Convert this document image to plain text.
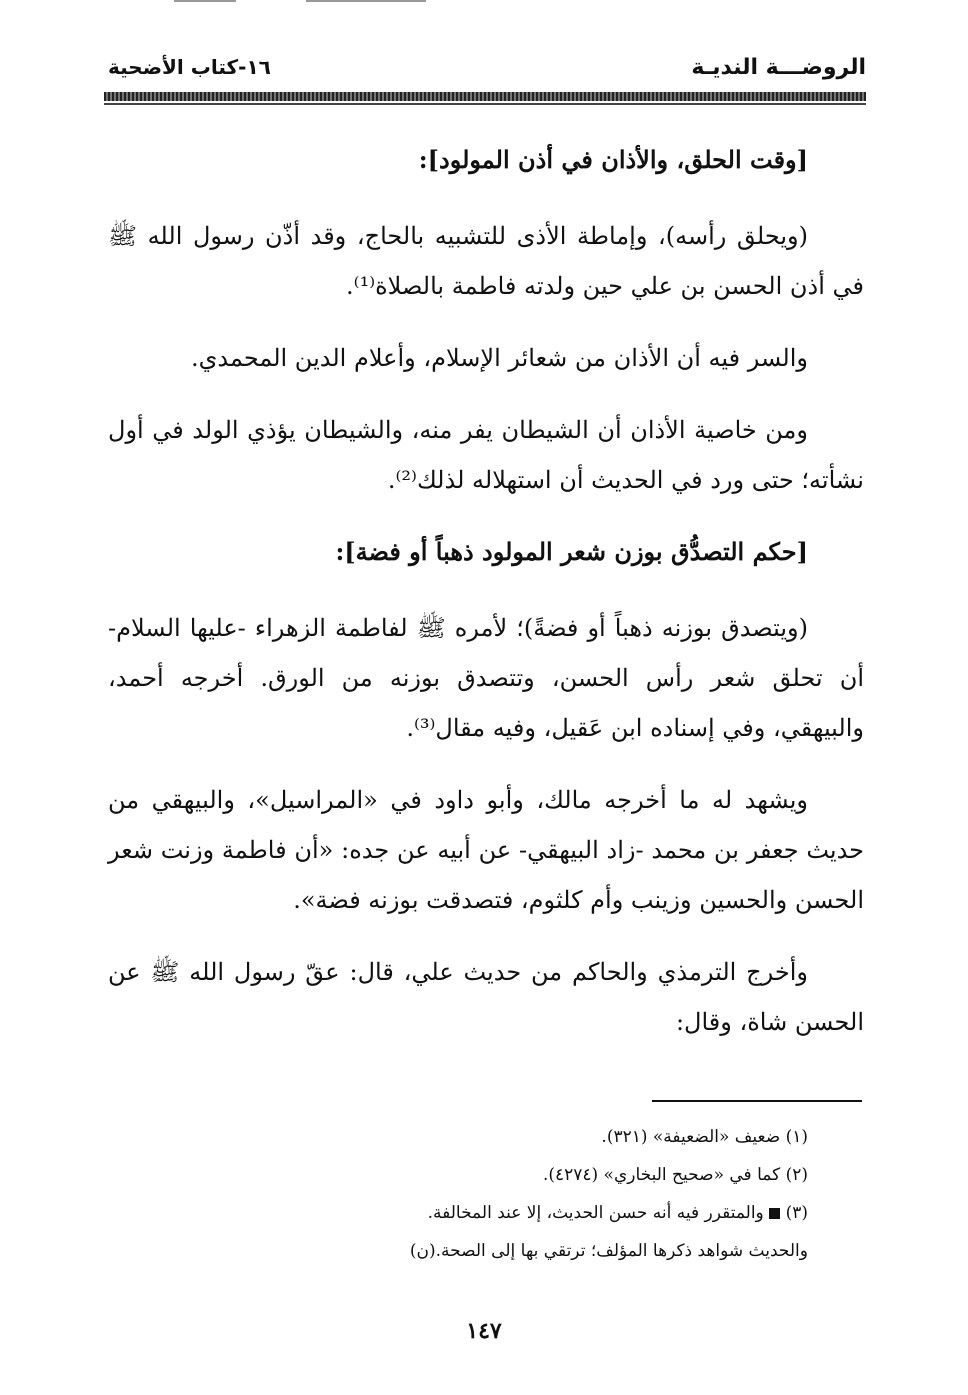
الروضـــة النديـة
١٦-كتاب الأضحية

[وقت الحلق، والأذان في أذن المولود]:

(ويحلق رأسه)، وإماطة الأذى للتشبيه بالحاج، وقد أذّن رسول الله ﷺ في أذن الحسن بن علي حين ولدته فاطمة بالصلاة⁽¹⁾.

والسر فيه أن الأذان من شعائر الإسلام، وأعلام الدين المحمدي.

ومن خاصية الأذان أن الشيطان يفر منه، والشيطان يؤذي الولد في أول نشأته؛ حتى ورد في الحديث أن استهلاله لذلك⁽²⁾.

[حكم التصدُّق بوزن شعر المولود ذهباً أو فضة]:

(ويتصدق بوزنه ذهباً أو فضةً)؛ لأمره ﷺ لفاطمة الزهراء -عليها السلام- أن تحلق شعر رأس الحسن، وتتصدق بوزنه من الورق. أخرجه أحمد، والبيهقي، وفي إسناده ابن عَقيل، وفيه مقال⁽³⁾.

ويشهد له ما أخرجه مالك، وأبو داود في «المراسيل»، والبيهقي من حديث جعفر بن محمد -زاد البيهقي- عن أبيه عن جده: «أن فاطمة وزنت شعر الحسن والحسين وزينب وأم كلثوم، فتصدقت بوزنه فضة».

وأخرج الترمذي والحاكم من حديث علي، قال: عقّ رسول الله ﷺ عن الحسن شاة، وقال:

(١) ضعيف «الضعيفة» (٣٢١).
(٢) كما في «صحيح البخاري» (٤٢٧٤).
(٣)  والمتقرر فيه أنه حسن الحديث، إلا عند المخالفة.
والحديث شواهد ذكرها المؤلف؛ ترتقي بها إلى الصحة.(ن)
١٤٧
